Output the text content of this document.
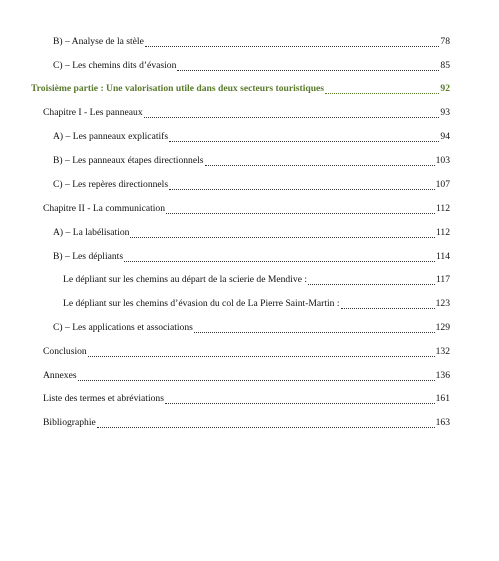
B) – Analyse de la stèle	78
C) – Les chemins dits d’évasion	85
Troisième partie : Une valorisation utile dans deux secteurs touristiques	92
Chapitre I - Les panneaux	93
A) – Les panneaux explicatifs	94
B) – Les panneaux étapes directionnels	103
C) – Les repères directionnels	107
Chapitre II - La communication	112
A) – La labélisation	112
B) – Les dépliants	114
Le dépliant sur les chemins au départ de la scierie de Mendive :	117
Le dépliant sur les chemins d’évasion du col de La Pierre Saint-Martin :	123
C) – Les applications et associations	129
Conclusion	132
Annexes	136
Liste des termes et abréviations	161
Bibliographie	163
